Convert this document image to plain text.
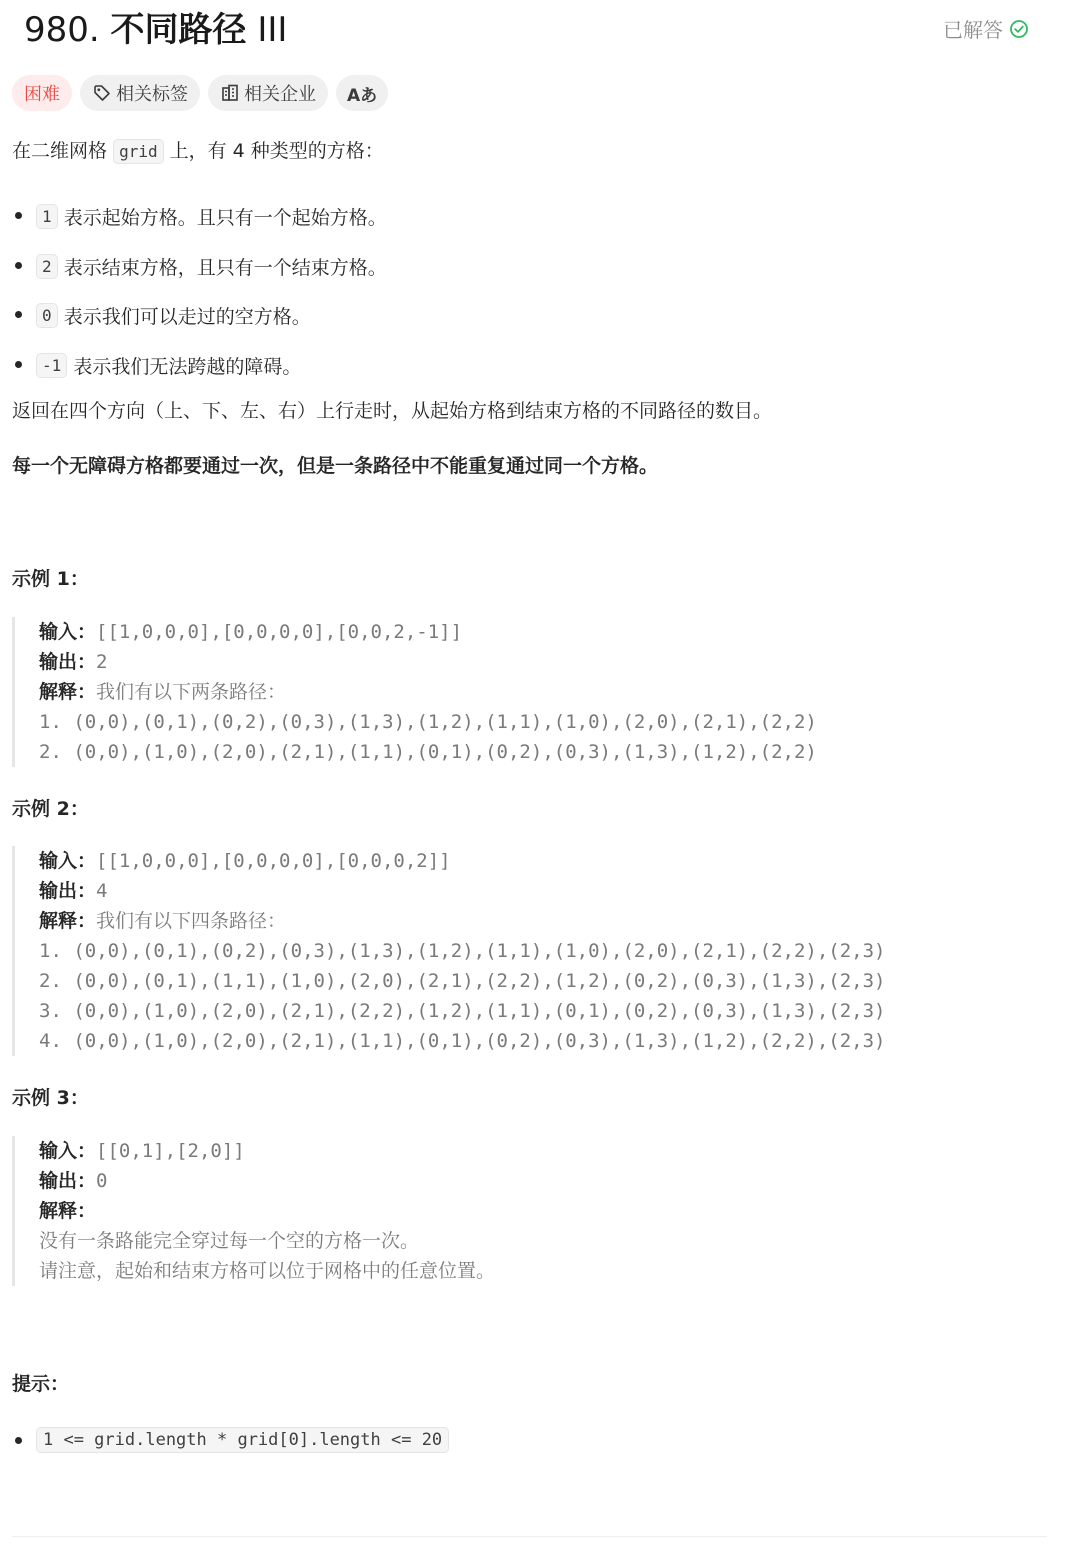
980. 不同路径 III	已解答
困难	相关标签	相关企业 Aあ

在二维网格 grid 上，有 4 种类型的方格：

1
表示起始方格。且只有一个起始方格。
2
表示结束方格，且只有一个结束方格。
0
表示我们可以走过的空方格。
-1
表示我们无法跨越的障碍。

返回在四个方向（上、下、左、右）上行走时，从起始方格到结束方格的不同路径的数目。

每一个无障碍方格都要通过一次，但是一条路径中不能重复通过同一个方格。

示例 1：
输入：[[1,0,0,0],[0,0,0,0],[0,0,2,-1]]
输出：2
解释：我们有以下两条路径：
1. (0,0),(0,1),(0,2),(0,3),(1,3),(1,2),(1,1),(1,0),(2,0),(2,1),(2,2)
2. (0,0),(1,0),(2,0),(2,1),(1,1),(0,1),(0,2),(0,3),(1,3),(1,2),(2,2)
示例 2：
输入：[[1,0,0,0],[0,0,0,0],[0,0,0,2]]
输出：4
解释：我们有以下四条路径：
1. (0,0),(0,1),(0,2),(0,3),(1,3),(1,2),(1,1),(1,0),(2,0),(2,1),(2,2),(2,3)
2. (0,0),(0,1),(1,1),(1,0),(2,0),(2,1),(2,2),(1,2),(0,2),(0,3),(1,3),(2,3)
3. (0,0),(1,0),(2,0),(2,1),(2,2),(1,2),(1,1),(0,1),(0,2),(0,3),(1,3),(2,3)
4. (0,0),(1,0),(2,0),(2,1),(1,1),(0,1),(0,2),(0,3),(1,3),(1,2),(2,2),(2,3)
示例 3：
输入：[[0,1],[2,0]]
输出：0
解释：
没有一条路能完全穿过每一个空的方格一次。
请注意，起始和结束方格可以位于网格中的任意位置。
提示：
1 <= grid.length * grid[0].length <= 20
